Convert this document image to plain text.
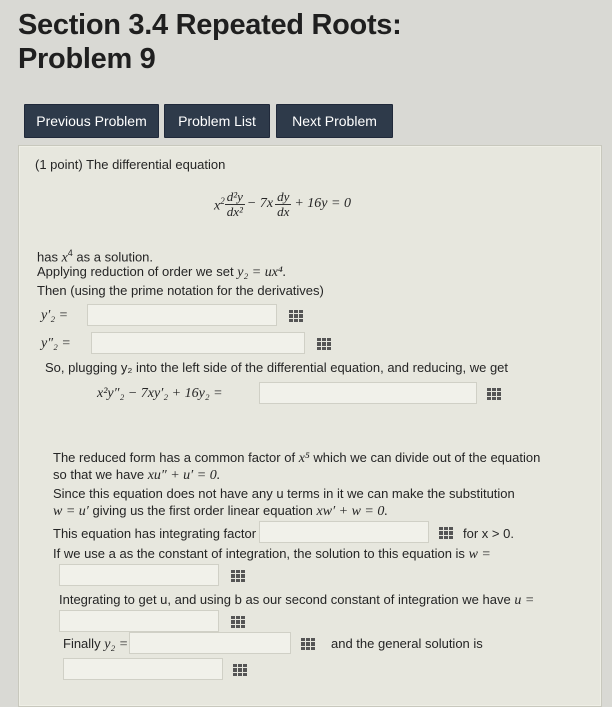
Section 3.4 Repeated Roots:
Problem 9
Previous Problem	Problem List	Next Problem
(1 point) The differential equation
$x^2 \frac{\text{d²y}}{\text{dx²}} - 7x \frac{dy}{dx} + 16y = 0$
has $x^4$ as a solution.
Applying reduction of order we set y₂ = ux⁴.
Then (using the prime notation for the derivatives)
y′₂ =
y″₂ =
So, plugging y₂ into the left side of the differential equation, and reducing, we get
x²y″₂ − 7xy′₂ + 16y₂ =
The reduced form has a common factor of x⁵ which we can divide out of the equation
so that we have xu″ + u′ = 0.
Since this equation does not have any u terms in it we can make the substitution
w = u′ giving us the first order linear equation xw′ + w = 0.
This equation has integrating factor	for x > 0.
If we use a as the constant of integration, the solution to this equation is w =
Integrating to get u, and using b as our second constant of integration we have u =
Finally y₂ =	and the general solution is
